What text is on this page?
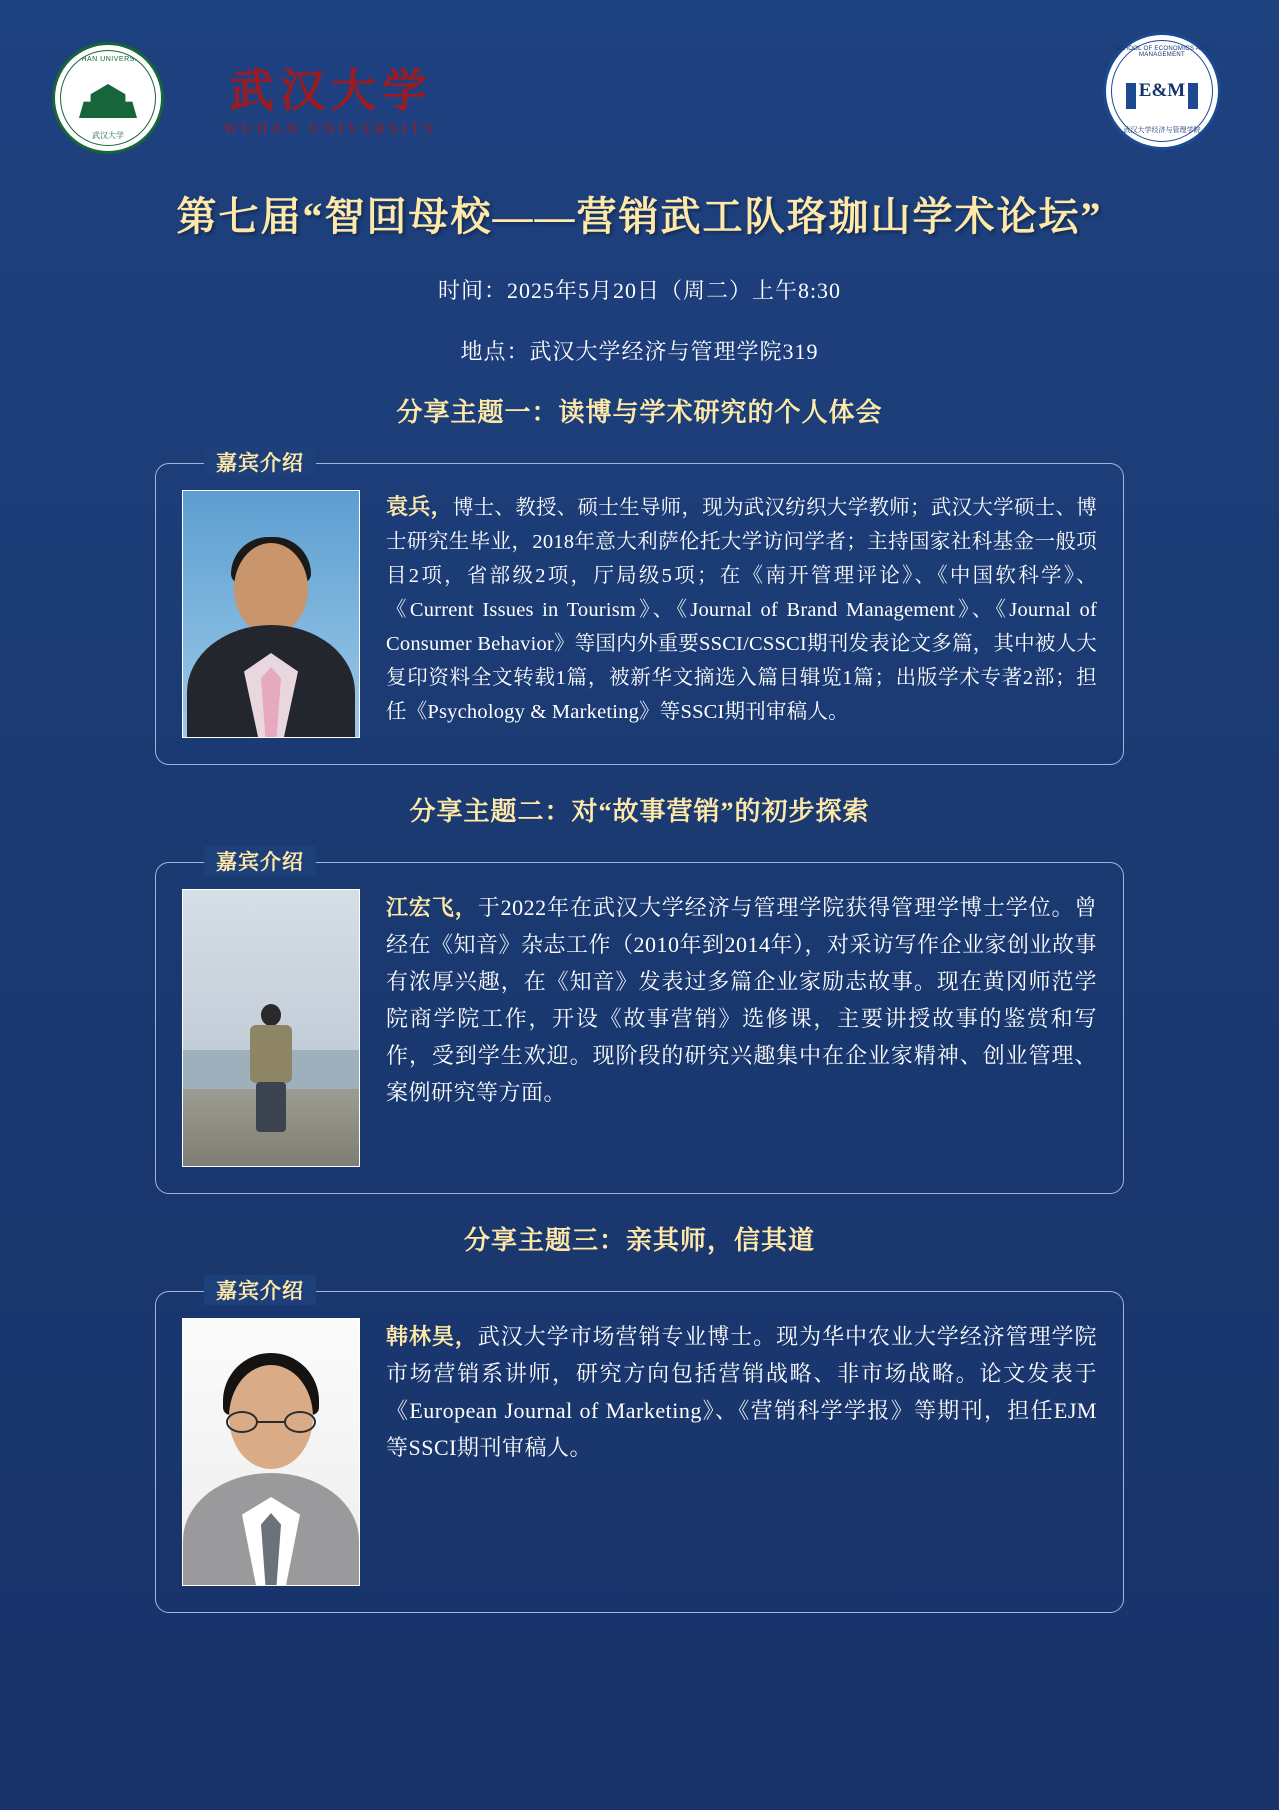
WUHAN UNIVERSITY
武汉大学
武汉大学
WUHAN UNIVERSITY
SCHOOL OF ECONOMICS AND MANAGEMENT
E&M
武汉大学经济与管理学院
第七届“智回母校——营销武工队珞珈山学术论坛”
时间：2025年5月20日（周二）上午8:30
地点：武汉大学经济与管理学院319
分享主题一：读博与学术研究的个人体会
嘉宾介绍
袁兵，博士、教授、硕士生导师，现为武汉纺织大学教师；武汉大学硕士、博士研究生毕业，2018年意大利萨伦托大学访问学者；主持国家社科基金一般项目2项，省部级2项，厅局级5项；在《南开管理评论》、《中国软科学》、《Current Issues in Tourism》、《Journal of Brand Management》、《Journal of Consumer Behavior》等国内外重要SSCI/CSSCI期刊发表论文多篇，其中被人大复印资料全文转载1篇，被新华文摘选入篇目辑览1篇；出版学术专著2部；担任《Psychology & Marketing》等SSCI期刊审稿人。
分享主题二：对“故事营销”的初步探索
嘉宾介绍
江宏飞，于2022年在武汉大学经济与管理学院获得管理学博士学位。曾经在《知音》杂志工作（2010年到2014年），对采访写作企业家创业故事有浓厚兴趣，在《知音》发表过多篇企业家励志故事。现在黄冈师范学院商学院工作，开设《故事营销》选修课，主要讲授故事的鉴赏和写作，受到学生欢迎。现阶段的研究兴趣集中在企业家精神、创业管理、案例研究等方面。
分享主题三：亲其师，信其道
嘉宾介绍
韩林昊，武汉大学市场营销专业博士。现为华中农业大学经济管理学院市场营销系讲师，研究方向包括营销战略、非市场战略。论文发表于《European Journal of Marketing》、《营销科学学报》等期刊，担任EJM等SSCI期刊审稿人。
